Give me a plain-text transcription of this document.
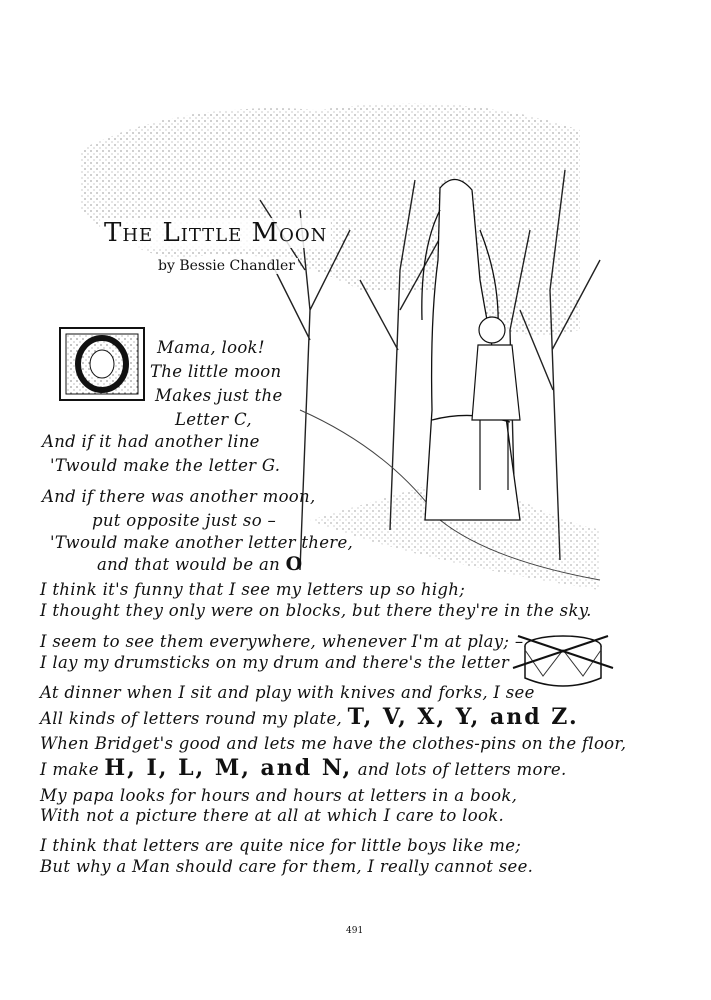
The Little Moon
by Bessie Chandler
O
Mama, look!
The little moon
Makes just the
Letter C,
And if it had another line
'Twould make the letter G.
And if there was another moon,
put opposite just so –
'Twould make another letter there,
and that would be an O
I think it's funny that I see my letters up so high;
I thought they only were on blocks, but there they're in the sky.
I seem to see them everywhere, whenever I'm at play; –
I lay my drumsticks on my drum and there's the letter
At dinner when I sit and play with knives and forks, I see
All kinds of letters round my plate, T, V, X, Y, and Z.
When Bridget's good and lets me have the clothes-pins on the floor,
I make H, I, L, M, and N, and lots of letters more.
My papa looks for hours and hours at letters in a book,
With not a picture there at all at which I care to look.
I think that letters are quite nice for little boys like me;
But why a Man should care for them, I really cannot see.
491
